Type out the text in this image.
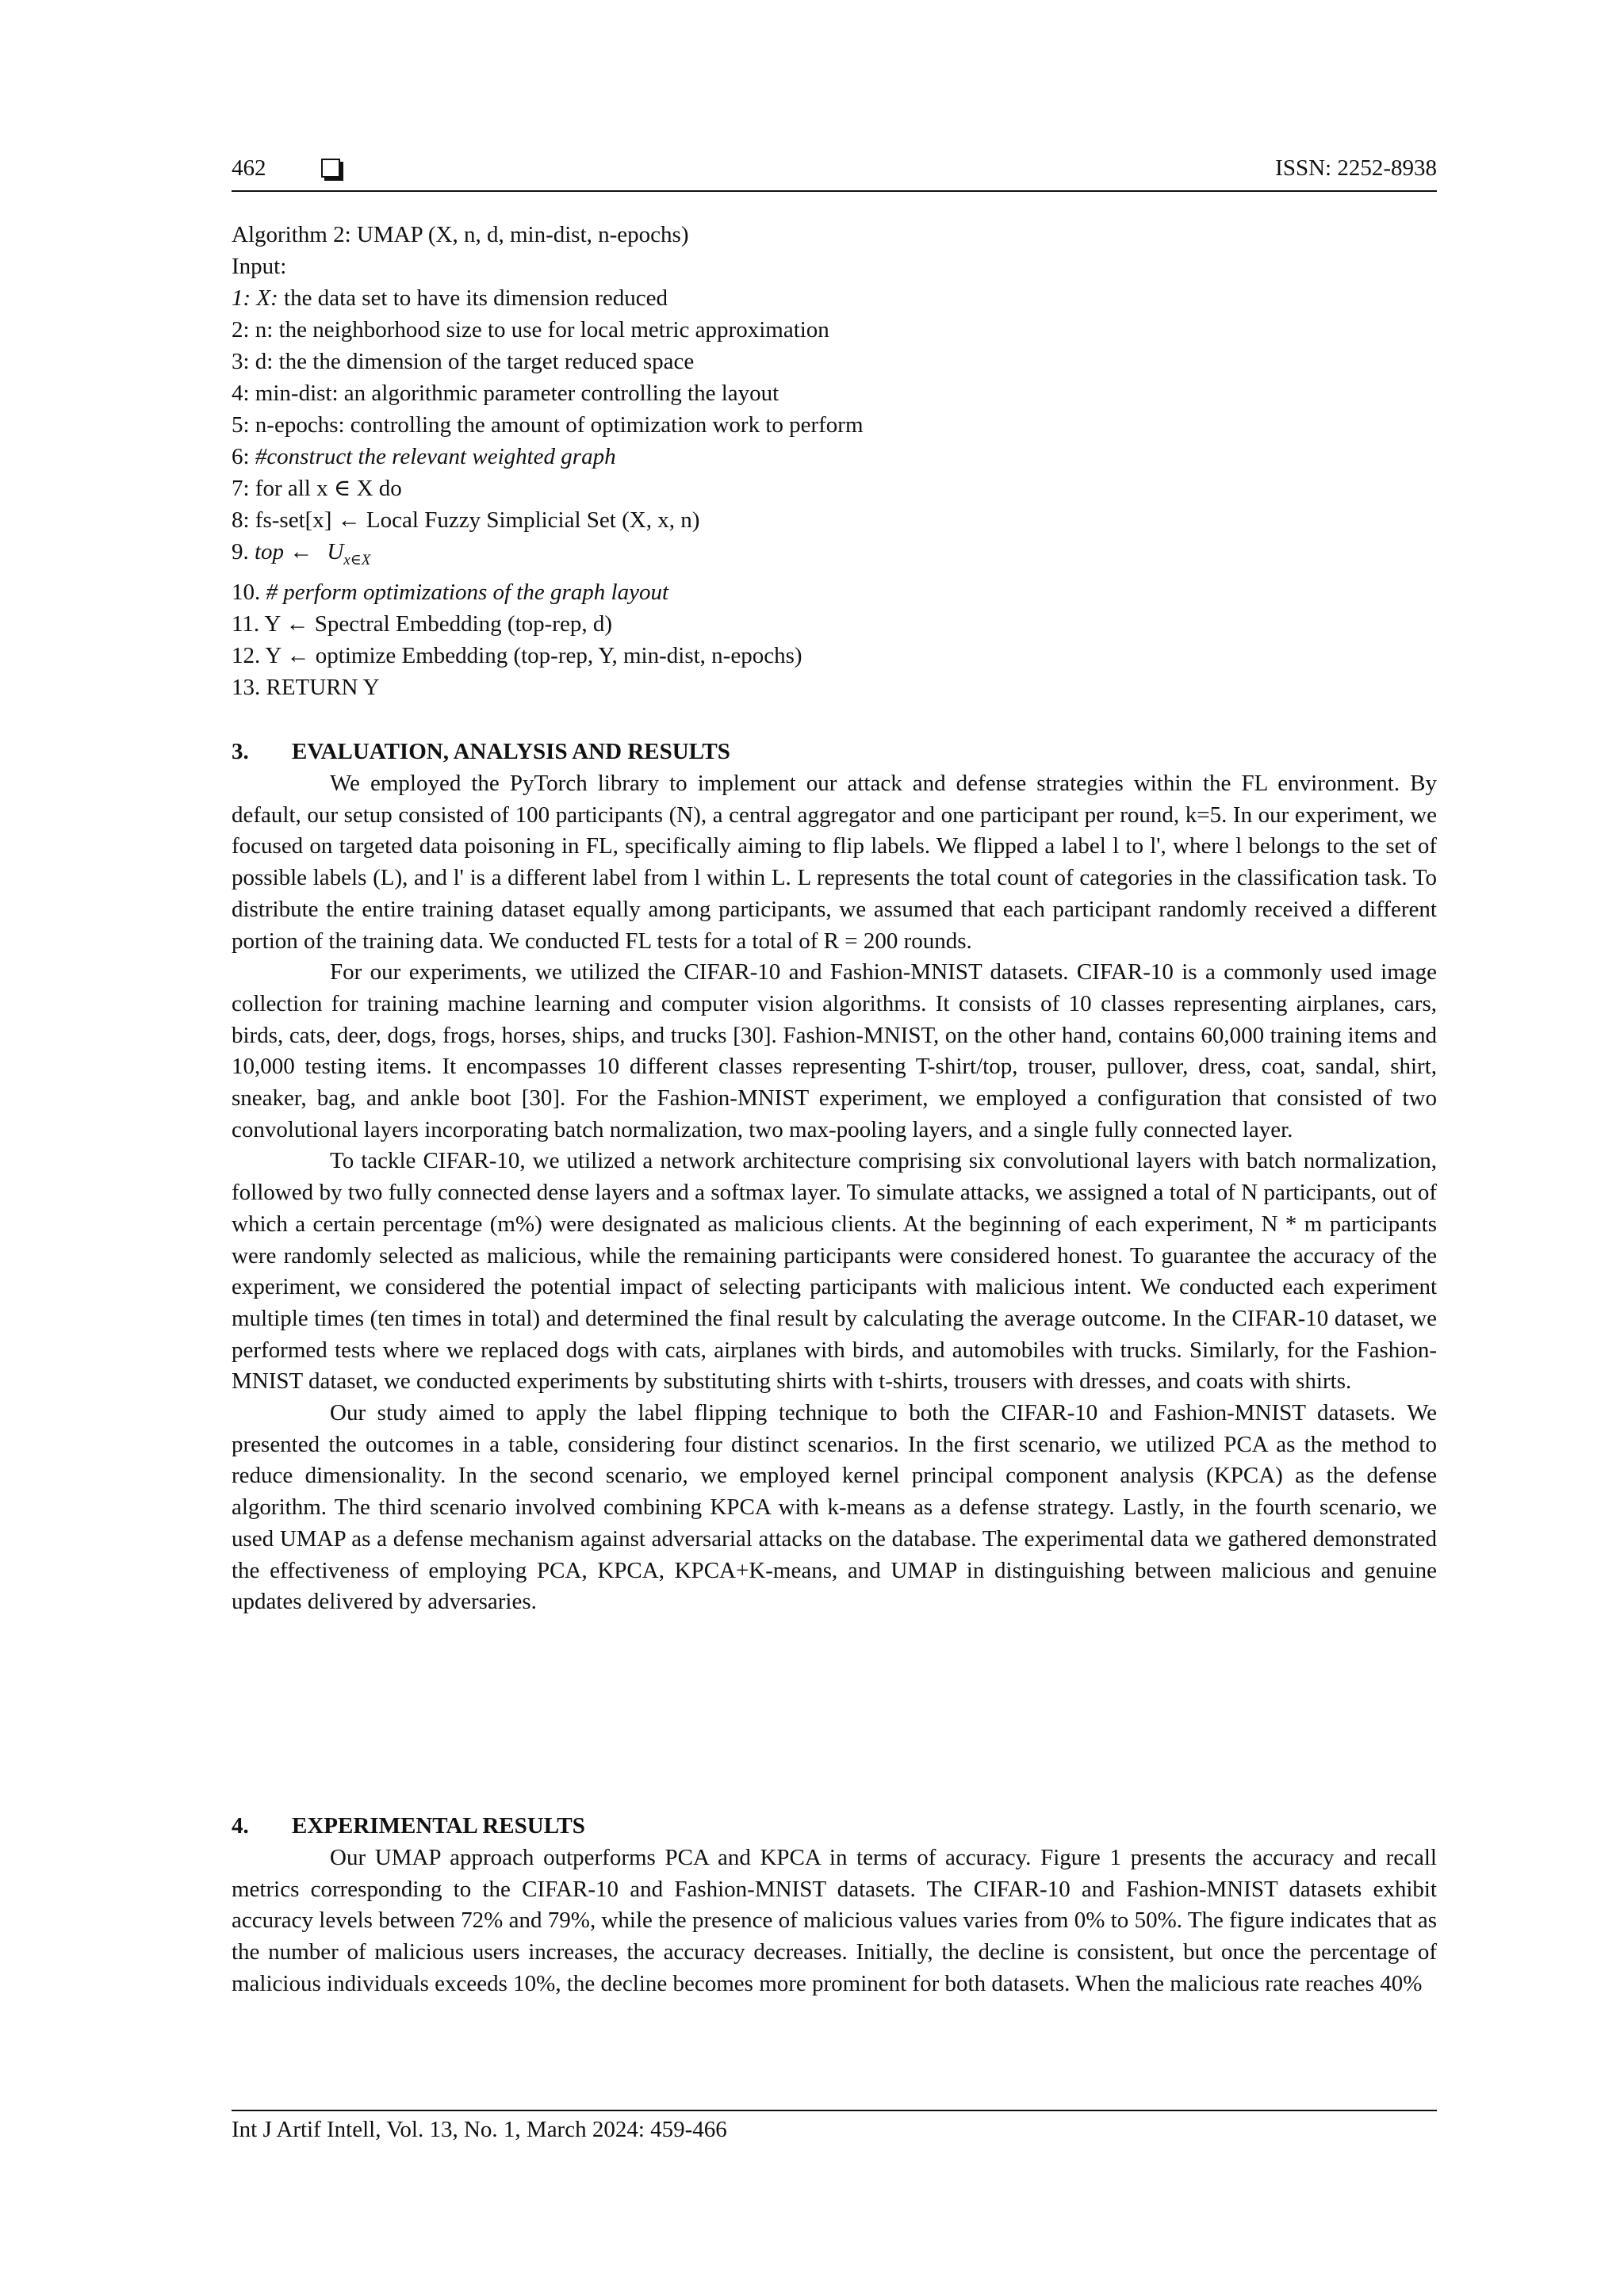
462	ISSN: 2252-8938
Algorithm 2: UMAP (X, n, d, min-dist, n-epochs)
Input:
1: X: the data set to have its dimension reduced
2: n: the neighborhood size to use for local metric approximation
3: d: the the dimension of the target reduced space
4: min-dist: an algorithmic parameter controlling the layout
5: n-epochs: controlling the amount of optimization work to perform
6: #construct the relevant weighted graph
7: for all x ∈ X do
8: fs-set[x] ← Local Fuzzy Simplicial Set (X, x, n)
9. top ← $U_{x\in X}$
10. # perform optimizations of the graph layout
11. Y ← Spectral Embedding (top-rep, d)
12. Y ← optimize Embedding (top-rep, Y, min-dist, n-epochs)
13. RETURN Y
3. EVALUATION, ANALYSIS AND RESULTS

We employed the PyTorch library to implement our attack and defense strategies within the FL environment. By default, our setup consisted of 100 participants (N), a central aggregator and one participant per round, k=5. In our experiment, we focused on targeted data poisoning in FL, specifically aiming to flip labels. We flipped a label l to l', where l belongs to the set of possible labels (L), and l' is a different label from l within L. L represents the total count of categories in the classification task. To distribute the entire training dataset equally among participants, we assumed that each participant randomly received a different portion of the training data. We conducted FL tests for a total of R = 200 rounds.

For our experiments, we utilized the CIFAR-10 and Fashion-MNIST datasets. CIFAR-10 is a commonly used image collection for training machine learning and computer vision algorithms. It consists of 10 classes representing airplanes, cars, birds, cats, deer, dogs, frogs, horses, ships, and trucks [30]. Fashion-MNIST, on the other hand, contains 60,000 training items and 10,000 testing items. It encompasses 10 different classes representing T-shirt/top, trouser, pullover, dress, coat, sandal, shirt, sneaker, bag, and ankle boot [30]. For the Fashion-MNIST experiment, we employed a configuration that consisted of two convolutional layers incorporating batch normalization, two max-pooling layers, and a single fully connected layer.

To tackle CIFAR-10, we utilized a network architecture comprising six convolutional layers with batch normalization, followed by two fully connected dense layers and a softmax layer. To simulate attacks, we assigned a total of N participants, out of which a certain percentage (m%) were designated as malicious clients. At the beginning of each experiment, N * m participants were randomly selected as malicious, while the remaining participants were considered honest. To guarantee the accuracy of the experiment, we considered the potential impact of selecting participants with malicious intent. We conducted each experiment multiple times (ten times in total) and determined the final result by calculating the average outcome. In the CIFAR-10 dataset, we performed tests where we replaced dogs with cats, airplanes with birds, and automobiles with trucks. Similarly, for the Fashion-MNIST dataset, we conducted experiments by substituting shirts with t-shirts, trousers with dresses, and coats with shirts.

Our study aimed to apply the label flipping technique to both the CIFAR-10 and Fashion-MNIST datasets. We presented the outcomes in a table, considering four distinct scenarios. In the first scenario, we utilized PCA as the method to reduce dimensionality. In the second scenario, we employed kernel principal component analysis (KPCA) as the defense algorithm. The third scenario involved combining KPCA with k-means as a defense strategy. Lastly, in the fourth scenario, we used UMAP as a defense mechanism against adversarial attacks on the database. The experimental data we gathered demonstrated the effectiveness of employing PCA, KPCA, KPCA+K-means, and UMAP in distinguishing between malicious and genuine updates delivered by adversaries.

4. EXPERIMENTAL RESULTS

Our UMAP approach outperforms PCA and KPCA in terms of accuracy. Figure 1 presents the accuracy and recall metrics corresponding to the CIFAR-10 and Fashion-MNIST datasets. The CIFAR-10 and Fashion-MNIST datasets exhibit accuracy levels between 72% and 79%, while the presence of malicious values varies from 0% to 50%. The figure indicates that as the number of malicious users increases, the accuracy decreases. Initially, the decline is consistent, but once the percentage of malicious individuals exceeds 10%, the decline becomes more prominent for both datasets. When the malicious rate reaches 40%

Int J Artif Intell, Vol. 13, No. 1, March 2024: 459-466
